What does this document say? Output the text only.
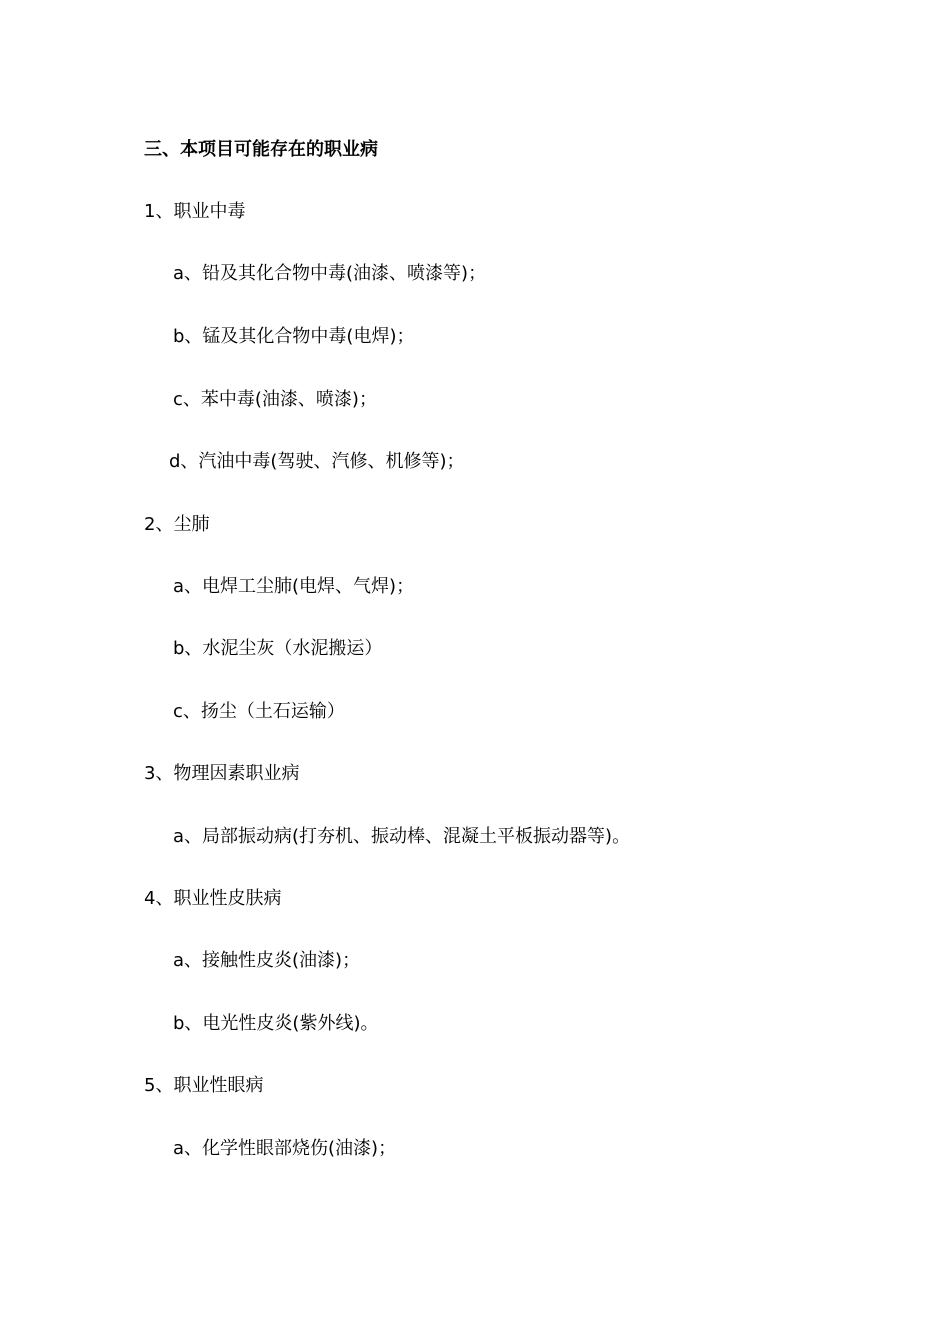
三、本项目可能存在的职业病
1、职业中毒
a、铅及其化合物中毒(油漆、喷漆等)；
b、锰及其化合物中毒(电焊)；
c、苯中毒(油漆、喷漆)；
d、汽油中毒(驾驶、汽修、机修等)；
2、尘肺
a、电焊工尘肺(电焊、气焊)；
b、水泥尘灰（水泥搬运）
c、扬尘（土石运输）
3、物理因素职业病
a、局部振动病(打夯机、振动棒、混凝土平板振动器等)。
4、职业性皮肤病
a、接触性皮炎(油漆)；
b、电光性皮炎(紫外线)。
5、职业性眼病
a、化学性眼部烧伤(油漆)；
